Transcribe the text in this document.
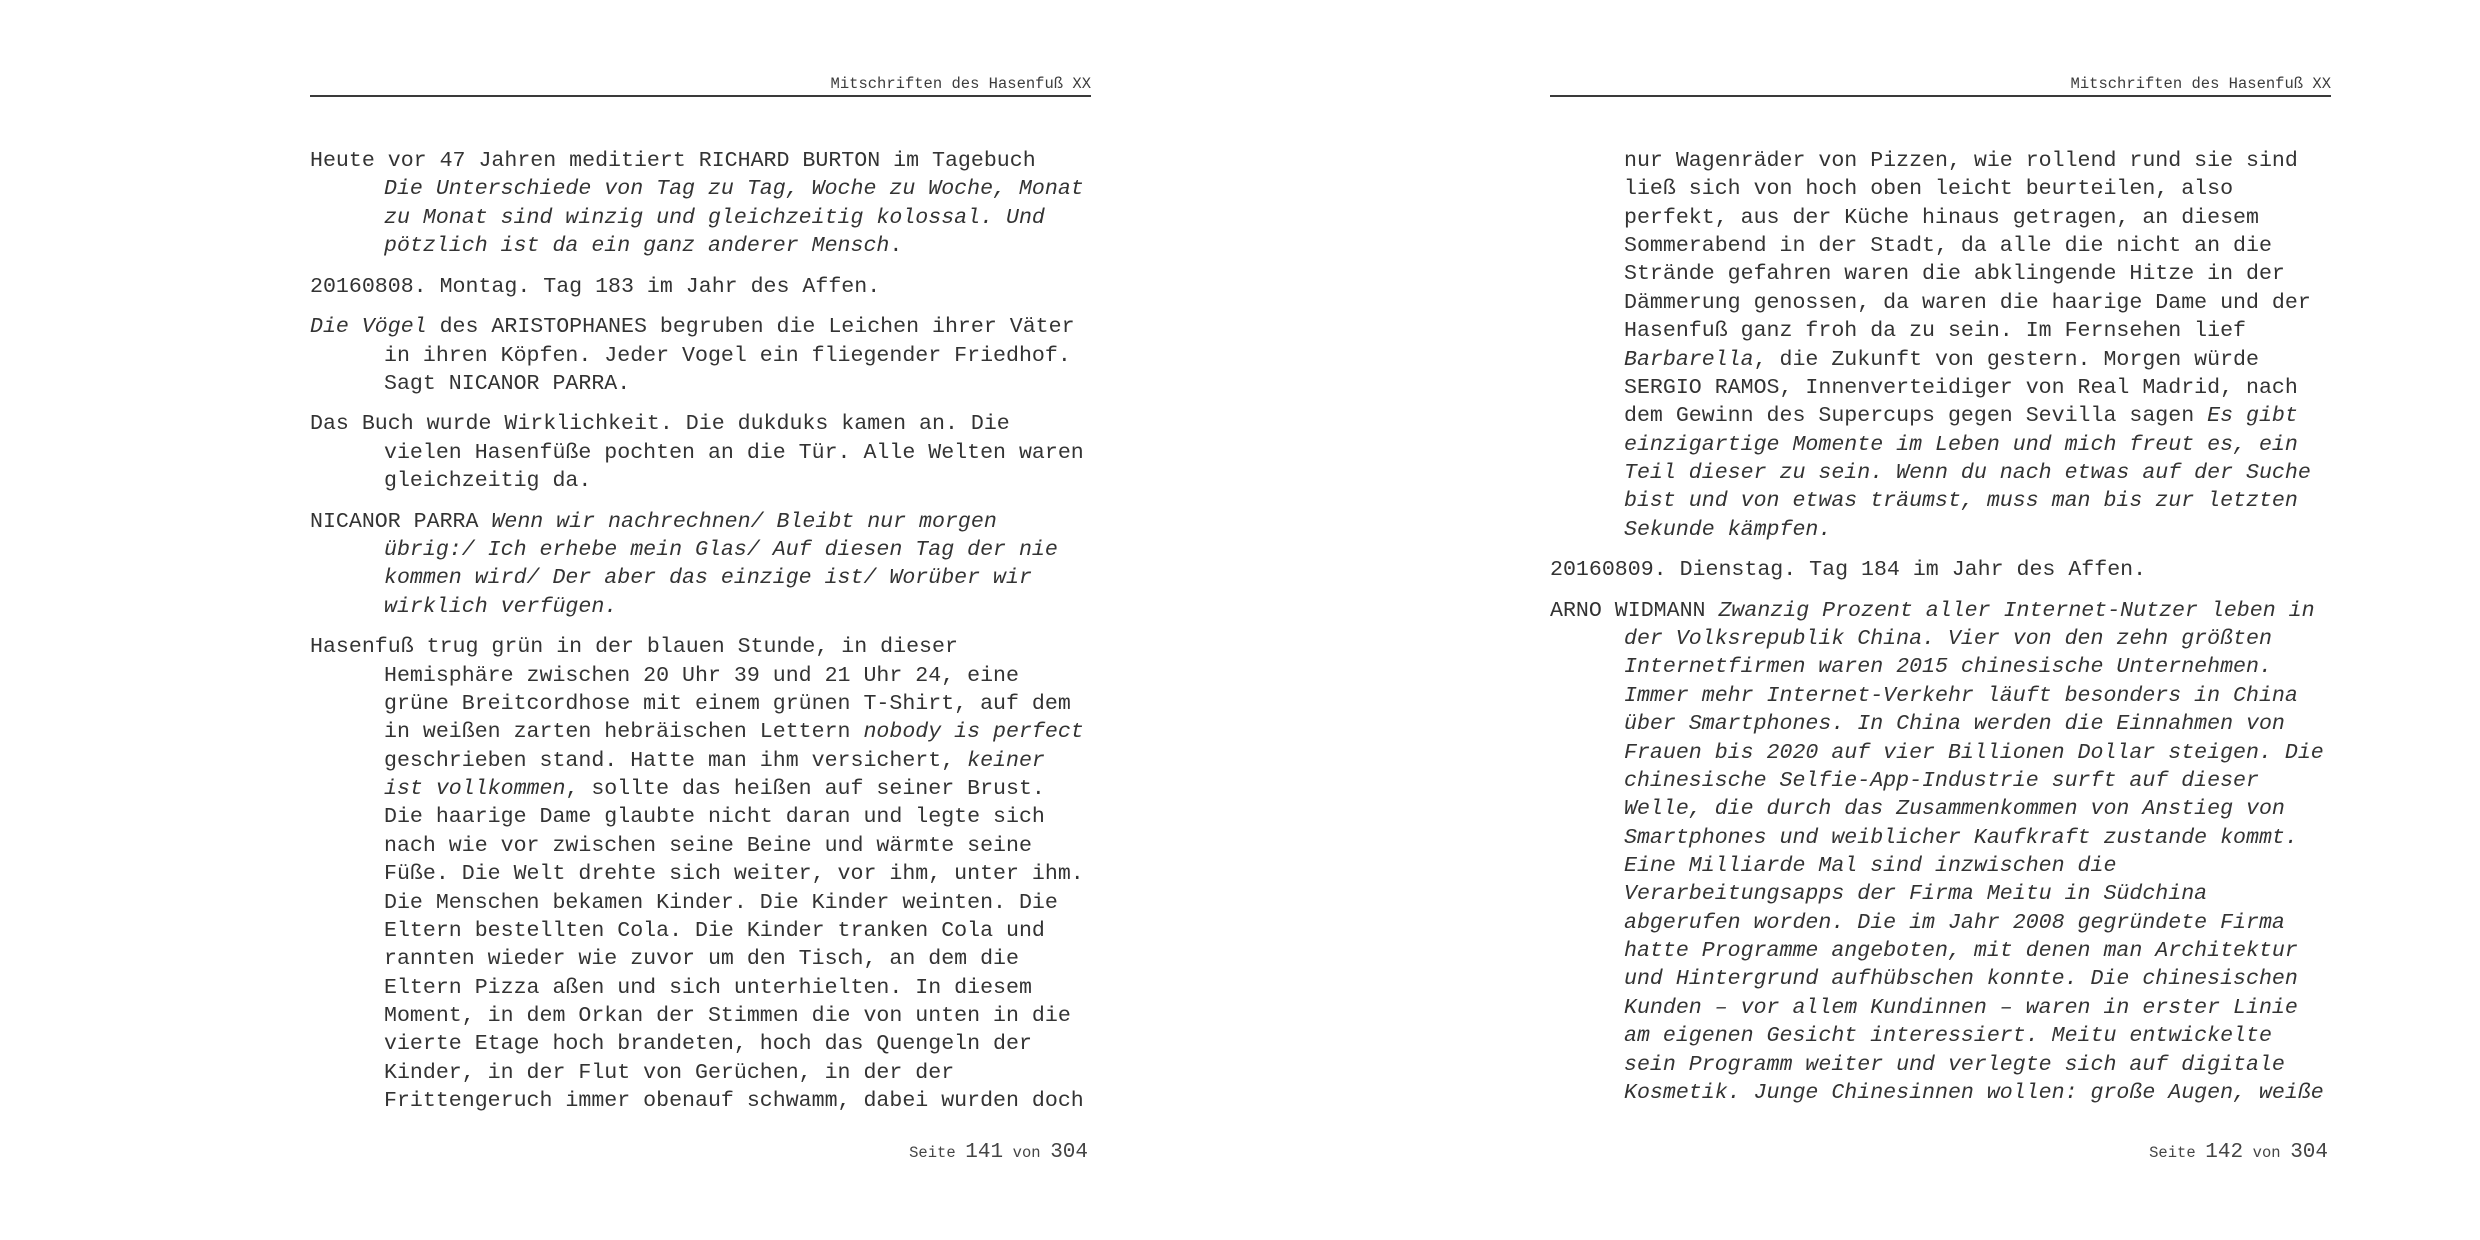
Mitschriften des Hasenfuß XX
Heute vor 47 Jahren meditiert RICHARD BURTON im Tagebuch
Die Unterschiede von Tag zu Tag, Woche zu Woche, Monat
zu Monat sind winzig und gleichzeitig kolossal. Und
pötzlich ist da ein ganz anderer Mensch.
20160808. Montag. Tag 183 im Jahr des Affen.
Die Vögel des ARISTOPHANES begruben die Leichen ihrer Väter
in ihren Köpfen. Jeder Vogel ein fliegender Friedhof.
Sagt NICANOR PARRA.
Das Buch wurde Wirklichkeit. Die dukduks kamen an. Die
vielen Hasenfüße pochten an die Tür. Alle Welten waren
gleichzeitig da.
NICANOR PARRA Wenn wir nachrechnen/ Bleibt nur morgen
übrig:/ Ich erhebe mein Glas/ Auf diesen Tag der nie
kommen wird/ Der aber das einzige ist/ Worüber wir
wirklich verfügen.
Hasenfuß trug grün in der blauen Stunde, in dieser
Hemisphäre zwischen 20 Uhr 39 und 21 Uhr 24, eine
grüne Breitcordhose mit einem grünen T-Shirt, auf dem
in weißen zarten hebräischen Lettern nobody is perfect
geschrieben stand. Hatte man ihm versichert, keiner
ist vollkommen, sollte das heißen auf seiner Brust.
Die haarige Dame glaubte nicht daran und legte sich
nach wie vor zwischen seine Beine und wärmte seine
Füße. Die Welt drehte sich weiter, vor ihm, unter ihm.
Die Menschen bekamen Kinder. Die Kinder weinten. Die
Eltern bestellten Cola. Die Kinder tranken Cola und
rannten wieder wie zuvor um den Tisch, an dem die
Eltern Pizza aßen und sich unterhielten. In diesem
Moment, in dem Orkan der Stimmen die von unten in die
vierte Etage hoch brandeten, hoch das Quengeln der
Kinder, in der Flut von Gerüchen, in der der
Frittengeruch immer obenauf schwamm, dabei wurden doch
Seite 141 von 304
Mitschriften des Hasenfuß XX
nur Wagenräder von Pizzen, wie rollend rund sie sind
ließ sich von hoch oben leicht beurteilen, also
perfekt, aus der Küche hinaus getragen, an diesem
Sommerabend in der Stadt, da alle die nicht an die
Strände gefahren waren die abklingende Hitze in der
Dämmerung genossen, da waren die haarige Dame und der
Hasenfuß ganz froh da zu sein. Im Fernsehen lief
Barbarella, die Zukunft von gestern. Morgen würde
SERGIO RAMOS, Innenverteidiger von Real Madrid, nach
dem Gewinn des Supercups gegen Sevilla sagen Es gibt
einzigartige Momente im Leben und mich freut es, ein
Teil dieser zu sein. Wenn du nach etwas auf der Suche
bist und von etwas träumst, muss man bis zur letzten
Sekunde kämpfen.
20160809. Dienstag. Tag 184 im Jahr des Affen.
ARNO WIDMANN Zwanzig Prozent aller Internet-Nutzer leben in
der Volksrepublik China. Vier von den zehn größten
Internetfirmen waren 2015 chinesische Unternehmen.
Immer mehr Internet-Verkehr läuft besonders in China
über Smartphones. In China werden die Einnahmen von
Frauen bis 2020 auf vier Billionen Dollar steigen. Die
chinesische Selfie-App-Industrie surft auf dieser
Welle, die durch das Zusammenkommen von Anstieg von
Smartphones und weiblicher Kaufkraft zustande kommt.
Eine Milliarde Mal sind inzwischen die
Verarbeitungsapps der Firma Meitu in Südchina
abgerufen worden. Die im Jahr 2008 gegründete Firma
hatte Programme angeboten, mit denen man Architektur
und Hintergrund aufhübschen konnte. Die chinesischen
Kunden – vor allem Kundinnen – waren in erster Linie
am eigenen Gesicht interessiert. Meitu entwickelte
sein Programm weiter und verlegte sich auf digitale
Kosmetik. Junge Chinesinnen wollen: große Augen, weiße
Seite 142 von 304
